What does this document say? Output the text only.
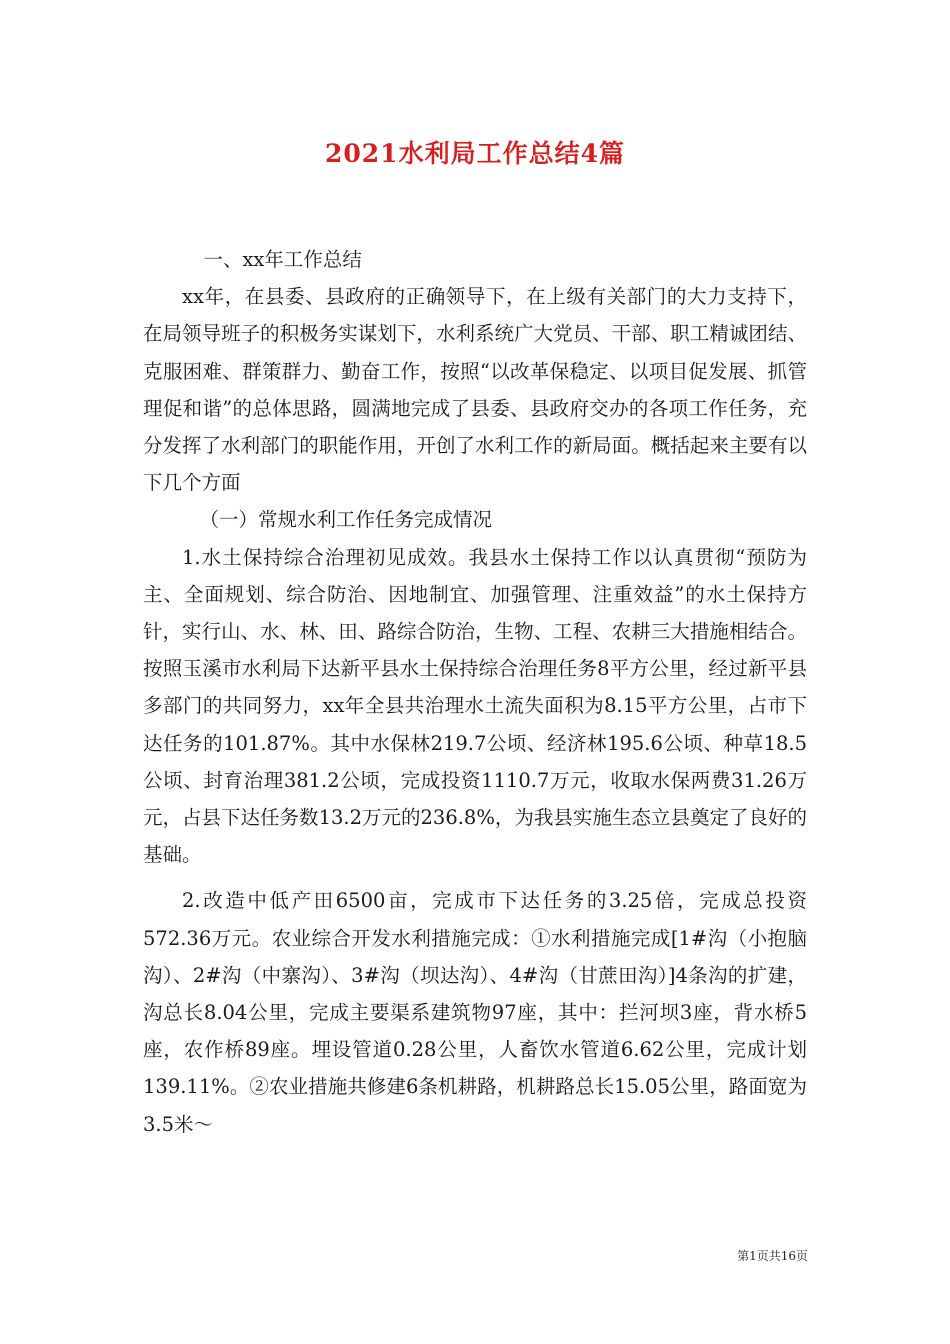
2021水利局工作总结4篇

一、xx年工作总结

xx年，在县委、县政府的正确领导下，在上级有关部门的大力支持下，在局领导班子的积极务实谋划下，水利系统广大党员、干部、职工精诚团结、克服困难、群策群力、勤奋工作，按照“以改革保稳定、以项目促发展、抓管理促和谐”的总体思路，圆满地完成了县委、县政府交办的各项工作任务，充分发挥了水利部门的职能作用，开创了水利工作的新局面。概括起来主要有以下几个方面

（一）常规水利工作任务完成情况

1.水土保持综合治理初见成效。我县水土保持工作以认真贯彻“预防为主、全面规划、综合防治、因地制宜、加强管理、注重效益”的水土保持方针，实行山、水、林、田、路综合防治，生物、工程、农耕三大措施相结合。按照玉溪市水利局下达新平县水土保持综合治理任务8平方公里，经过新平县多部门的共同努力，xx年全县共治理水土流失面积为8.15平方公里，占市下达任务的101.87%。其中水保林219.7公顷、经济林195.6公顷、种草18.5公顷、封育治理381.2公顷，完成投资1110.7万元，收取水保两费31.26万元，占县下达任务数13.2万元的236.8%，为我县实施生态立县奠定了良好的基础。

2.改造中低产田6500亩，完成市下达任务的3.25倍，完成总投资572.36万元。农业综合开发水利措施完成：①水利措施完成[1#沟（小抱脑沟）、2#沟（中寨沟）、3#沟（坝达沟）、4#沟（甘蔗田沟）]4条沟的扩建，沟总长8.04公里，完成主要渠系建筑物97座，其中：拦河坝3座，背水桥5座，农作桥89座。埋设管道0.28公里，人畜饮水管道6.62公里，完成计划139.11%。②农业措施共修建6条机耕路，机耕路总长15.05公里，路面宽为3.5米～

第1页共16页
